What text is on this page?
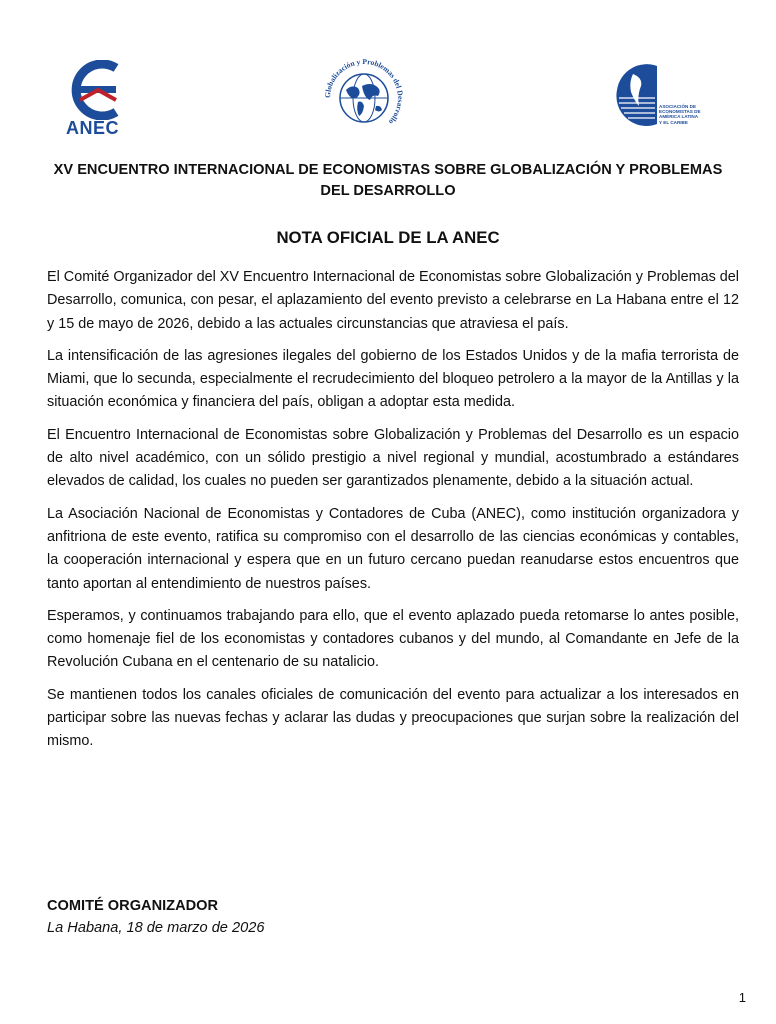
ANEC
Globalización y Problemas del Desarrollo
ASOCIACIÓN DE
ECONOMISTAS DE
AMÉRICA LATINA
Y EL CARIBE
XV ENCUENTRO INTERNACIONAL DE ECONOMISTAS SOBRE GLOBALIZACIÓN Y PROBLEMAS DEL DESARROLLO
NOTA OFICIAL DE LA ANEC

El Comité Organizador del XV Encuentro Internacional de Economistas sobre Globalización y Problemas del Desarrollo, comunica, con pesar, el aplazamiento del evento previsto a celebrarse en La Habana entre el 12 y 15 de mayo de 2026, debido a las actuales circunstancias que atraviesa el país.

La intensificación de las agresiones ilegales del gobierno de los Estados Unidos y de la mafia terrorista de Miami, que lo secunda, especialmente el recrudecimiento del bloqueo petrolero a la mayor de la Antillas y la situación económica y financiera del país, obligan a adoptar esta medida.

El Encuentro Internacional de Economistas sobre Globalización y Problemas del Desarrollo es un espacio de alto nivel académico, con un sólido prestigio a nivel regional y mundial, acostumbrado a estándares elevados de calidad, los cuales no pueden ser garantizados plenamente, debido a la situación actual.

La Asociación Nacional de Economistas y Contadores de Cuba (ANEC), como institución organizadora y anfitriona de este evento, ratifica su compromiso con el desarrollo de las ciencias económicas y contables, la cooperación internacional y espera que en un futuro cercano puedan reanudarse estos encuentros que tanto aportan al entendimiento de nuestros países.

Esperamos, y continuamos trabajando para ello, que el evento aplazado pueda retomarse lo antes posible, como homenaje fiel de los economistas y contadores cubanos y del mundo, al Comandante en Jefe de la Revolución Cubana en el centenario de su natalicio.

Se mantienen todos los canales oficiales de comunicación del evento para actualizar a los interesados en participar sobre las nuevas fechas y aclarar las dudas y preocupaciones que surjan sobre la realización del mismo.

COMITÉ ORGANIZADOR
La Habana, 18 de marzo de 2026
1
